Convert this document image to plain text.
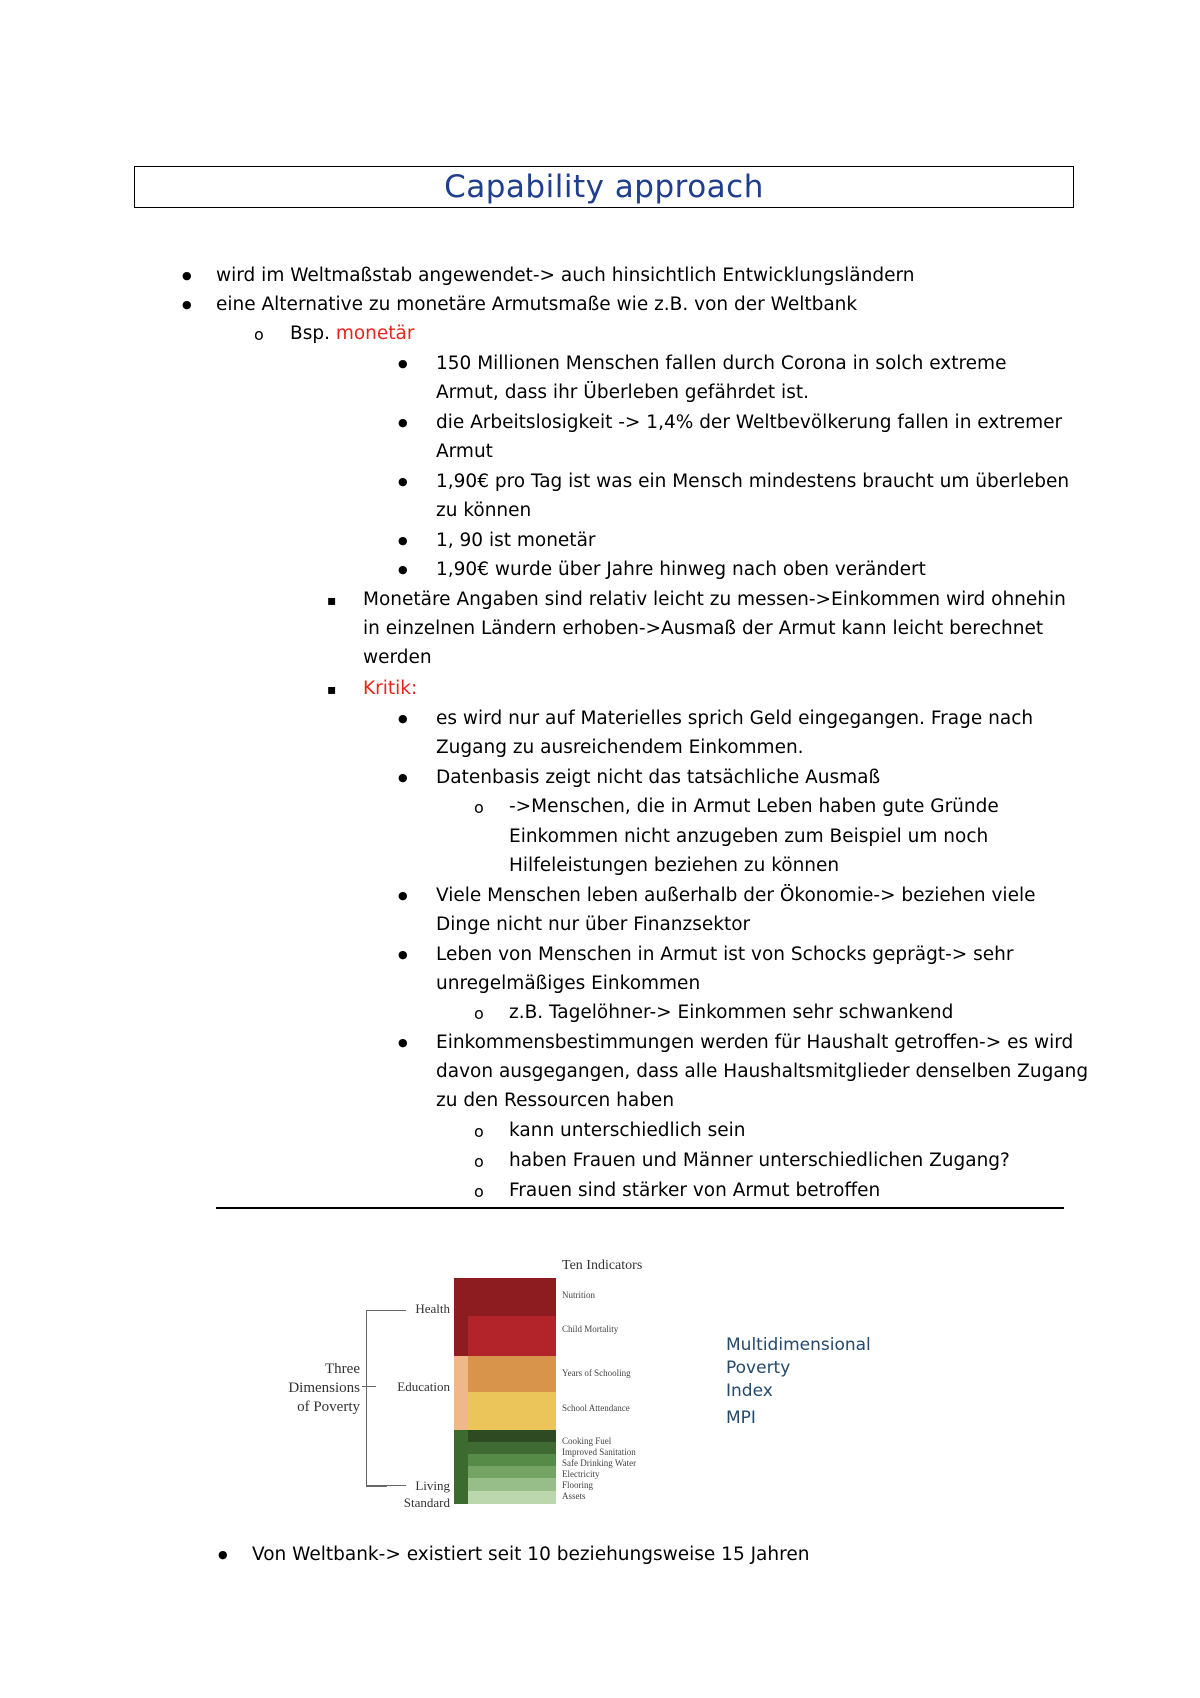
Capability approach
●
wird im Weltmaßstab angewendet-> auch hinsichtlich Entwicklungsländern
●
eine Alternative zu monetäre Armutsmaße wie z.B. von der Weltbank
o Bsp. monetär
●
150 Millionen Menschen fallen durch Corona in solch extreme
Armut, dass ihr Überleben gefährdet ist.
●
die Arbeitslosigkeit -> 1,4% der Weltbevölkerung fallen in extremer
Armut
●
1,90€ pro Tag ist was ein Mensch mindestens braucht um überleben
zu können
●
1, 90 ist monetär
●
1,90€ wurde über Jahre hinweg nach oben verändert
▪
Monetäre Angaben sind relativ leicht zu messen->Einkommen wird ohnehin
in einzelnen Ländern erhoben->Ausmaß der Armut kann leicht berechnet
werden
▪
Kritik:
●
es wird nur auf Materielles sprich Geld eingegangen. Frage nach
Zugang zu ausreichendem Einkommen.
●
Datenbasis zeigt nicht das tatsächliche Ausmaß
o ->Menschen, die in Armut Leben haben gute Gründe
Einkommen nicht anzugeben zum Beispiel um noch
Hilfeleistungen beziehen zu können
●
Viele Menschen leben außerhalb der Ökonomie-> beziehen viele
Dinge nicht nur über Finanzsektor
●
Leben von Menschen in Armut ist von Schocks geprägt-> sehr
unregelmäßiges Einkommen
o z.B. Tagelöhner-> Einkommen sehr schwankend
●
Einkommensbestimmungen werden für Haushalt getroffen-> es wird
davon ausgegangen, dass alle Haushaltsmitglieder denselben Zugang
zu den Ressourcen haben
o kann unterschiedlich sein
o haben Frauen und Männer unterschiedlichen Zugang?
o Frauen sind stärker von Armut betroffen
Three
Dimensions
of Poverty
Health
Education
Living
Standard
Ten Indicators
Nutrition
Child Mortality
Years of Schooling
School Attendance
Cooking Fuel
Improved Sanitation
Safe Drinking Water
Electricity
Flooring
Assets
Multidimensional
Poverty
Index
MPI
●
Von Weltbank-> existiert seit 10 beziehungsweise 15 Jahren
